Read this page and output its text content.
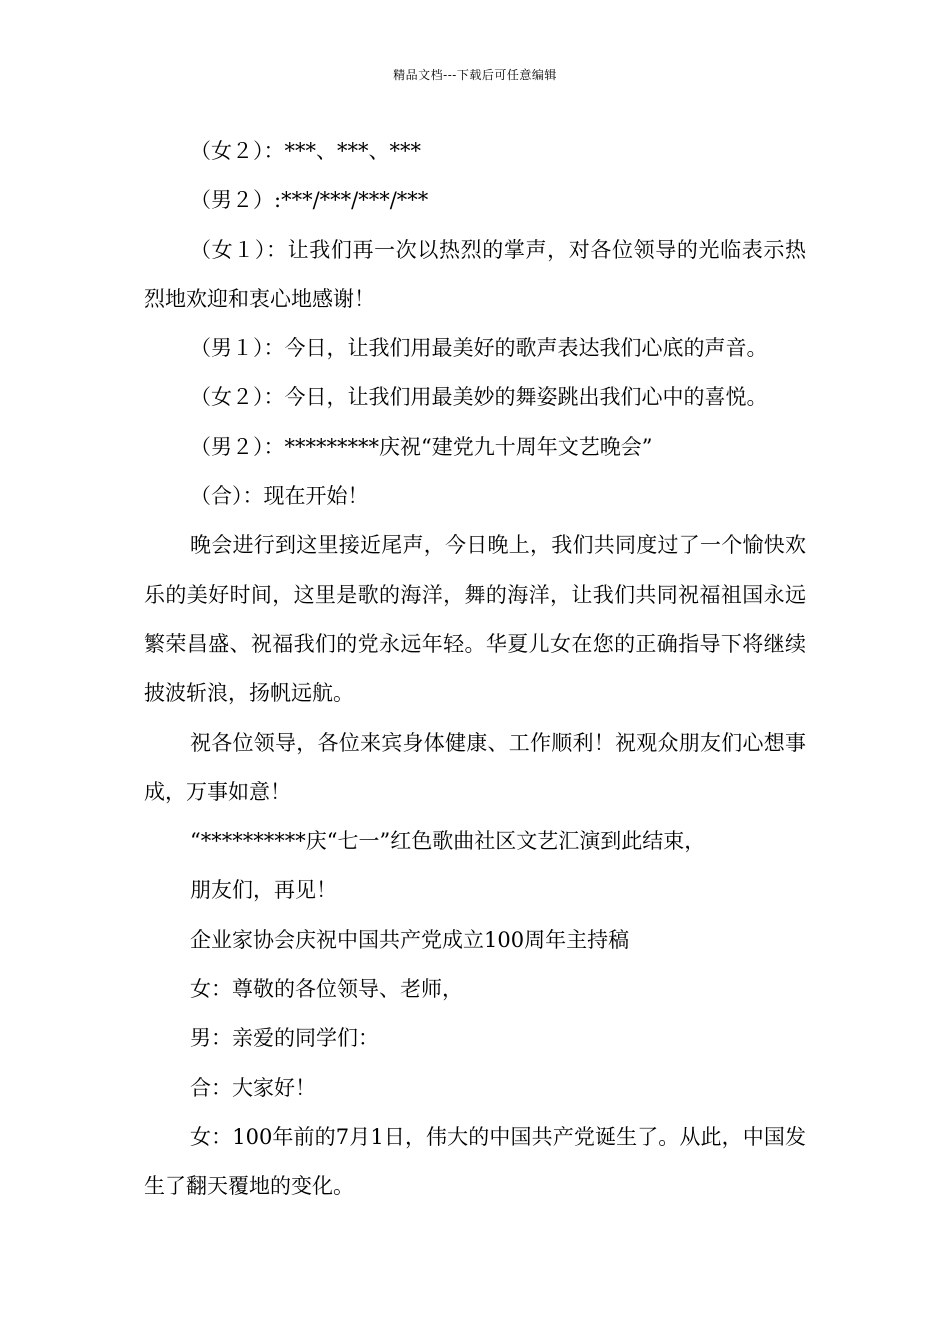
精品文档---下载后可任意编辑

（女２）：***、***、***

（男２）:***/***/***/***

（女１）：让我们再一次以热烈的掌声，对各位领导的光临表示热烈地欢迎和衷心地感谢！

（男１）：今日，让我们用最美好的歌声表达我们心底的声音。

（女２）：今日，让我们用最美妙的舞姿跳出我们心中的喜悦。

（男２）：*********庆祝“建党九十周年文艺晚会”

（合）：现在开始！

晚会进行到这里接近尾声，今日晚上，我们共同度过了一个愉快欢乐的美好时间，这里是歌的海洋，舞的海洋，让我们共同祝福祖国永远繁荣昌盛、祝福我们的党永远年轻。华夏儿女在您的正确指导下将继续披波斩浪，扬帆远航。

祝各位领导，各位来宾身体健康、工作顺利！祝观众朋友们心想事成，万事如意！

“**********庆“七一”红色歌曲社区文艺汇演到此结束，

朋友们，再见！

企业家协会庆祝中国共产党成立100周年主持稿

女：尊敬的各位领导、老师，

男：亲爱的同学们：

合：大家好！

女：100年前的7月1日，伟大的中国共产党诞生了。从此，中国发生了翻天覆地的变化。
